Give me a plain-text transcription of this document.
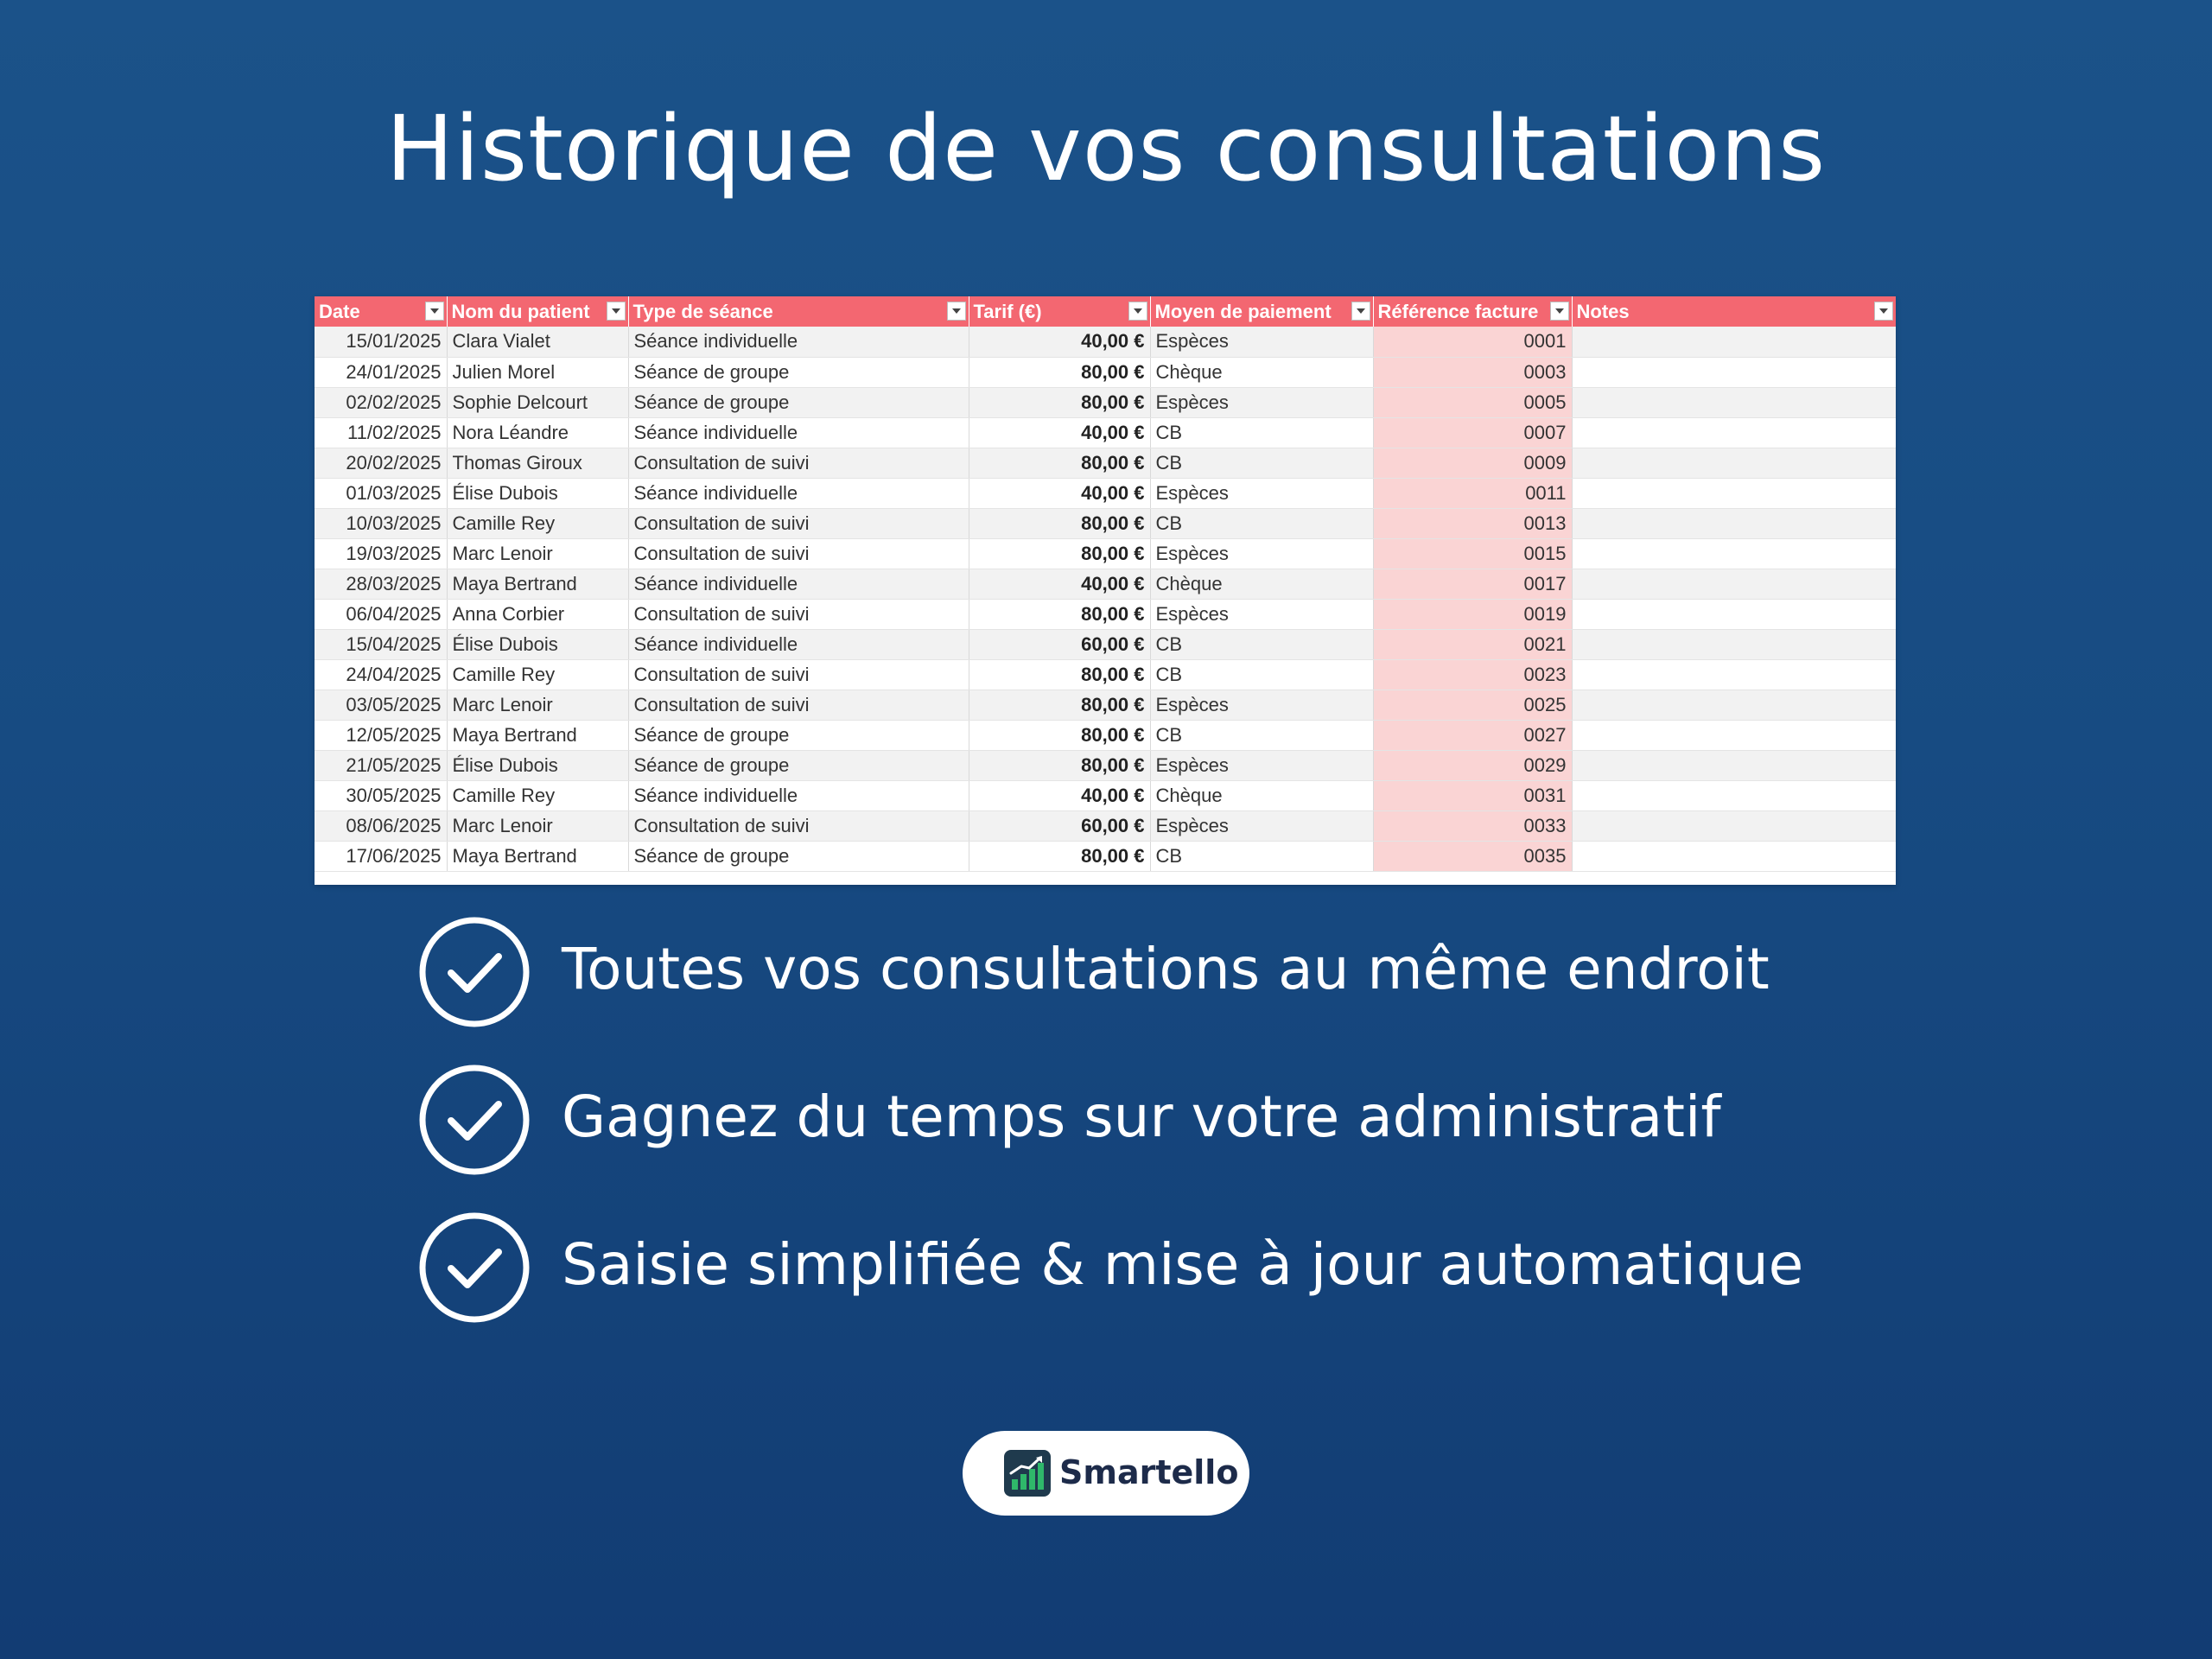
Historique de vos consultations
Date	Nom du patient	Type de séance	Tarif (€)	Moyen de paiement	Référence facture	Notes

15/01/2025	Clara Vialet	Séance individuelle	40,00 €	Espèces	0001	
24/01/2025	Julien Morel	Séance de groupe	80,00 €	Chèque	0003	
02/02/2025	Sophie Delcourt	Séance de groupe	80,00 €	Espèces	0005	
11/02/2025	Nora Léandre	Séance individuelle	40,00 €	CB	0007	
20/02/2025	Thomas Giroux	Consultation de suivi	80,00 €	CB	0009	
01/03/2025	Élise Dubois	Séance individuelle	40,00 €	Espèces	0011	
10/03/2025	Camille Rey	Consultation de suivi	80,00 €	CB	0013	
19/03/2025	Marc Lenoir	Consultation de suivi	80,00 €	Espèces	0015	
28/03/2025	Maya Bertrand	Séance individuelle	40,00 €	Chèque	0017	
06/04/2025	Anna Corbier	Consultation de suivi	80,00 €	Espèces	0019	
15/04/2025	Élise Dubois	Séance individuelle	60,00 €	CB	0021	
24/04/2025	Camille Rey	Consultation de suivi	80,00 €	CB	0023	
03/05/2025	Marc Lenoir	Consultation de suivi	80,00 €	Espèces	0025	
12/05/2025	Maya Bertrand	Séance de groupe	80,00 €	CB	0027	
21/05/2025	Élise Dubois	Séance de groupe	80,00 €	Espèces	0029	
30/05/2025	Camille Rey	Séance individuelle	40,00 €	Chèque	0031	
08/06/2025	Marc Lenoir	Consultation de suivi	60,00 €	Espèces	0033	
17/06/2025	Maya Bertrand	Séance de groupe	80,00 €	CB	0035	
Toutes vos consultations au même endroit
Gagnez du temps sur votre administratif
Saisie simplifiée & mise à jour automatique
Smartello
